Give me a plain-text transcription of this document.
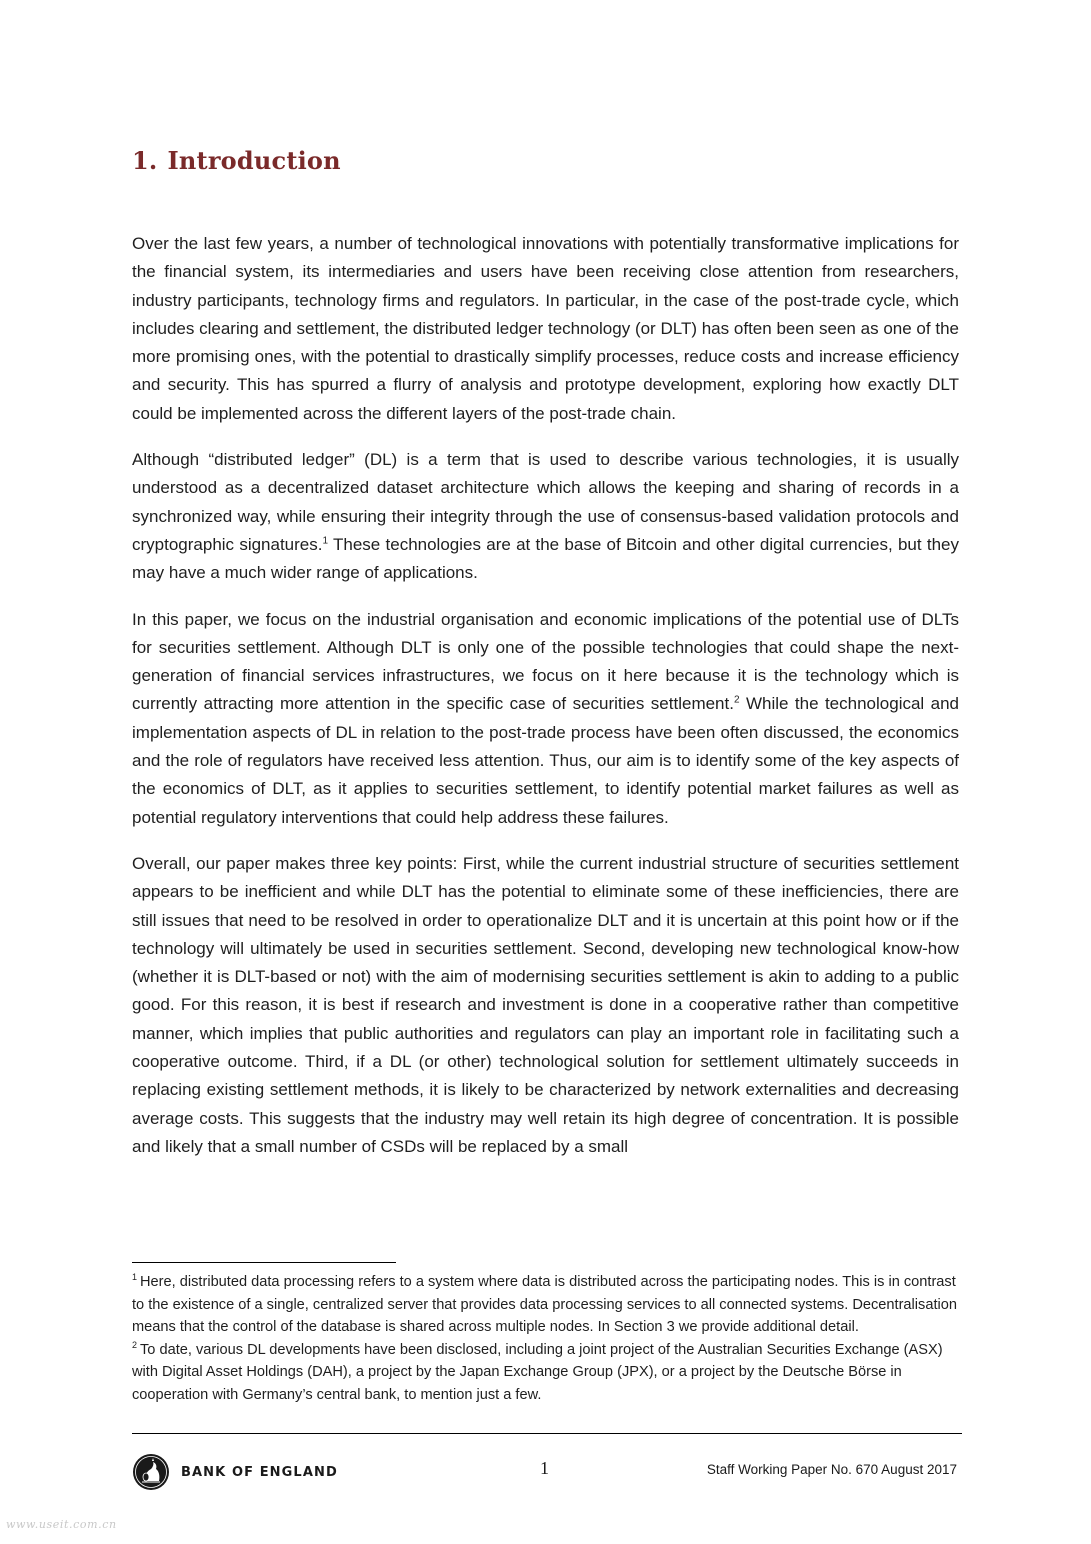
1. Introduction

Over the last few years, a number of technological innovations with potentially transformative implications for the financial system, its intermediaries and users have been receiving close attention from researchers, industry participants, technology firms and regulators. In particular, in the case of the post-trade cycle, which includes clearing and settlement, the distributed ledger technology (or DLT) has often been seen as one of the more promising ones, with the potential to drastically simplify processes, reduce costs and increase efficiency and security. This has spurred a flurry of analysis and prototype development, exploring how exactly DLT could be implemented across the different layers of the post-trade chain.

Although “distributed ledger” (DL) is a term that is used to describe various technologies, it is usually understood as a decentralized dataset architecture which allows the keeping and sharing of records in a synchronized way, while ensuring their integrity through the use of consensus-based validation protocols and cryptographic signatures.$^1$ These technologies are at the base of Bitcoin and other digital currencies, but they may have a much wider range of applications.

In this paper, we focus on the industrial organisation and economic implications of the potential use of DLTs for securities settlement. Although DLT is only one of the possible technologies that could shape the next-generation of financial services infrastructures, we focus on it here because it is the technology which is currently attracting more attention in the specific case of securities settlement.$^2$ While the technological and implementation aspects of DL in relation to the post-trade process have been often discussed, the economics and the role of regulators have received less attention. Thus, our aim is to identify some of the key aspects of the economics of DLT, as it applies to securities settlement, to identify potential market failures as well as potential regulatory interventions that could help address these failures.

Overall, our paper makes three key points: First, while the current industrial structure of securities settlement appears to be inefficient and while DLT has the potential to eliminate some of these inefficiencies, there are still issues that need to be resolved in order to operationalize DLT and it is uncertain at this point how or if the technology will ultimately be used in securities settlement. Second, developing new technological know-how (whether it is DLT-based or not) with the aim of modernising securities settlement is akin to adding to a public good. For this reason, it is best if research and investment is done in a cooperative rather than competitive manner, which implies that public authorities and regulators can play an important role in facilitating such a cooperative outcome. Third, if a DL (or other) technological solution for settlement ultimately succeeds in replacing existing settlement methods, it is likely to be characterized by network externalities and decreasing average costs. This suggests that the industry may well retain its high degree of concentration. It is possible and likely that a small number of CSDs will be replaced by a small

$^1$ Here, distributed data processing refers to a system where data is distributed across the participating nodes. This is in contrast to the existence of a single, centralized server that provides data processing services to all connected systems. Decentralisation means that the control of the database is shared across multiple nodes. In Section 3 we provide additional detail.

$^2$ To date, various DL developments have been disclosed, including a joint project of the Australian Securities Exchange (ASX) with Digital Asset Holdings (DAH), a project by the Japan Exchange Group (JPX), or a project by the Deutsche Börse in cooperation with Germany’s central bank, to mention just a few.

BANK OF ENGLAND	1	Staff Working Paper No. 670 August 2017
www.useit.com.cn
